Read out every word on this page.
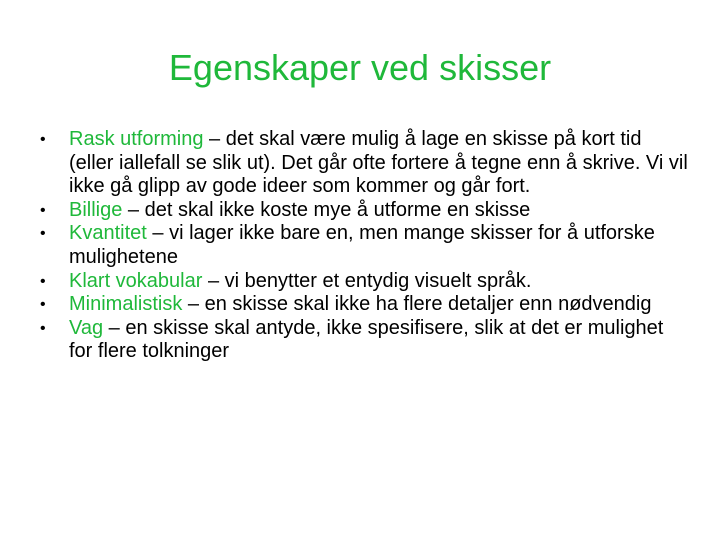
Egenskaper ved skisser
•	Rask utforming – det skal være mulig å lage en skisse på kort tid (eller iallefall se slik ut). Det går ofte fortere å tegne enn å skrive. Vi vil ikke gå glipp av gode ideer som kommer og går fort.
•	Billige – det skal ikke koste mye å utforme en skisse
•	Kvantitet – vi lager ikke bare en, men mange skisser for å utforske mulighetene
•	Klart vokabular – vi benytter et entydig visuelt språk.
•	Minimalistisk – en skisse skal ikke ha flere detaljer enn nødvendig
•	Vag – en skisse skal antyde, ikke spesifisere, slik at det er mulighet for flere tolkninger
